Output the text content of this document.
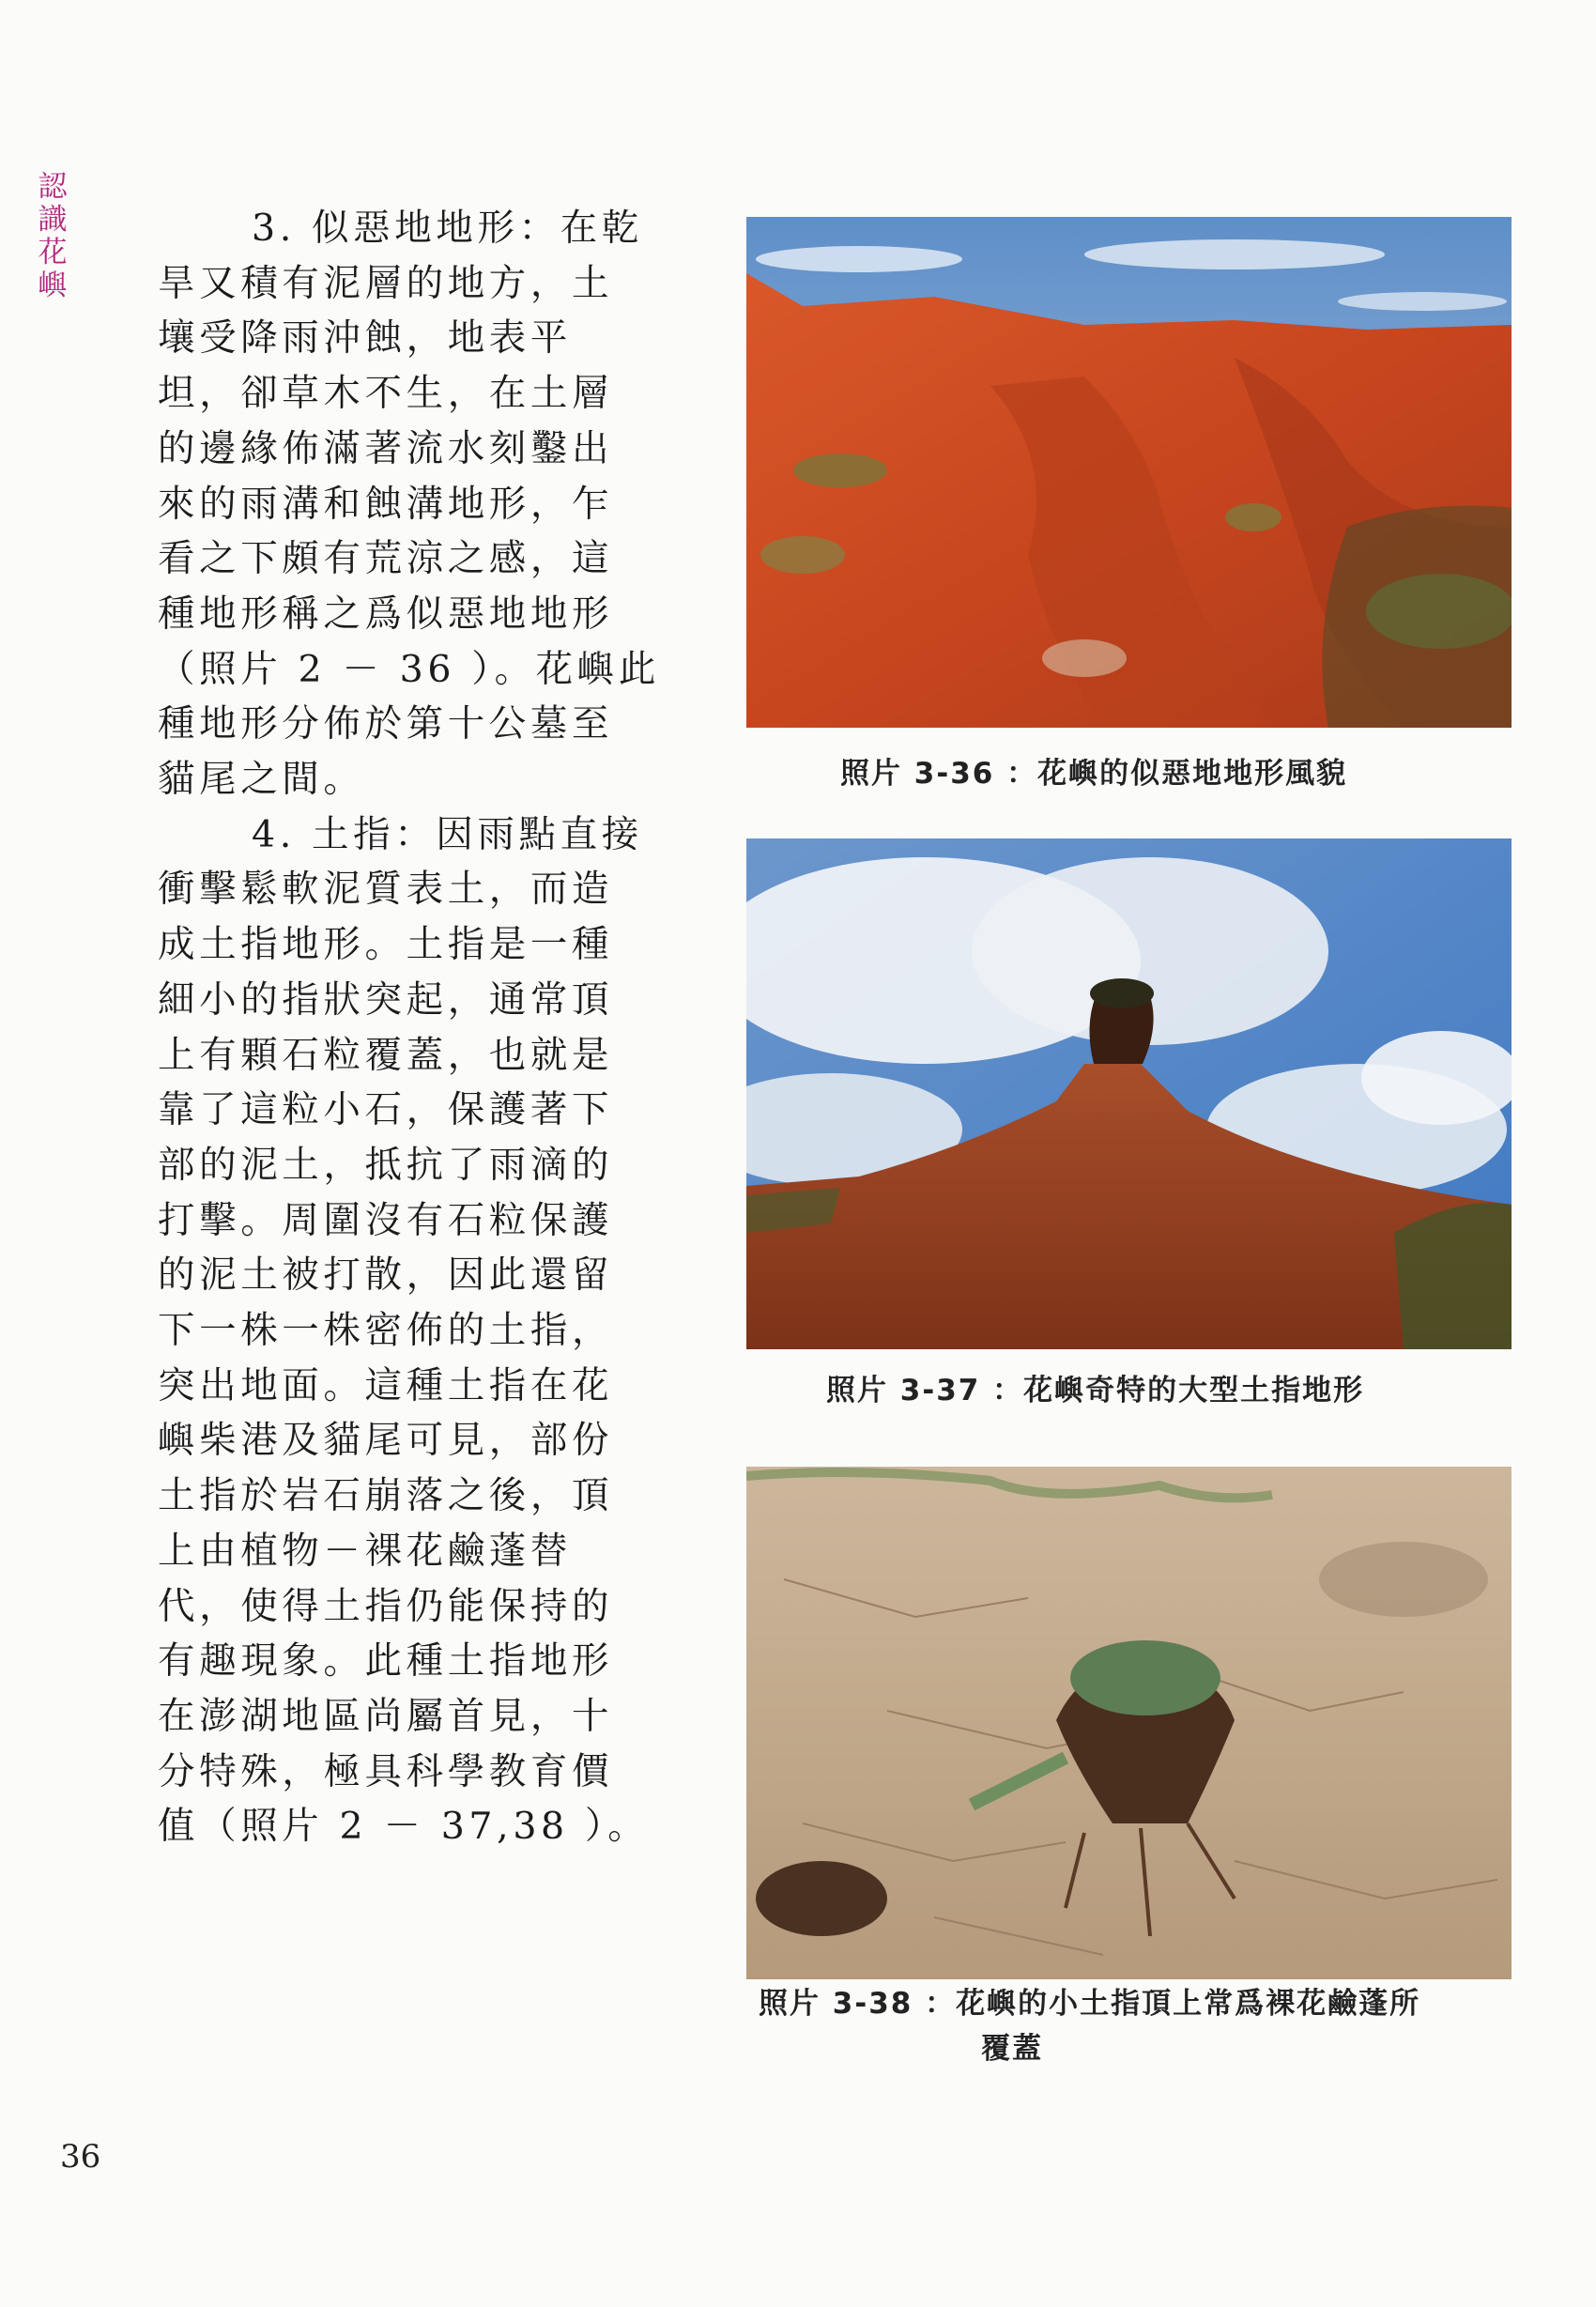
認
識
花
嶼
3. 似惡地地形：在乾
旱又積有泥層的地方，土
壤受降雨沖蝕，地表平
坦，卻草木不生，在土層
的邊緣佈滿著流水刻鑿出
來的雨溝和蝕溝地形，乍
看之下頗有荒涼之感，這
種地形稱之爲似惡地地形
（照片 2 － 36 ）。花嶼此
種地形分佈於第十公墓至
貓尾之間。
4. 土指：因雨點直接
衝擊鬆軟泥質表土，而造
成土指地形。土指是一種
細小的指狀突起，通常頂
上有顆石粒覆蓋，也就是
靠了這粒小石，保護著下
部的泥土，抵抗了雨滴的
打擊。周圍沒有石粒保護
的泥土被打散，因此還留
下一株一株密佈的土指，
突出地面。這種土指在花
嶼柴港及貓尾可見，部份
土指於岩石崩落之後，頂
上由植物－裸花鹼蓬替
代，使得土指仍能保持的
有趣現象。此種土指地形
在澎湖地區尚屬首見，十
分特殊，極具科學教育價
值（照片 2 － 37,38 ）。
照片 3-36 ：花嶼的似惡地地形風貌
照片 3-37 ：花嶼奇特的大型土指地形
照片 3-38 ：花嶼的小土指頂上常爲裸花鹼蓬所
覆蓋
36
